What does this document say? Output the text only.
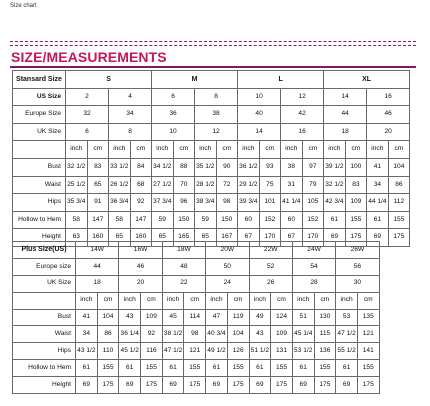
Size chart
SIZE/MEASUREMENTS
Stansard Size	S				M				L				XL			
US Size	2		4		6		8		10		12		14		16	
Europe Size	32		34		36		38		40		42		44		46	
UK Size	6		8		10		12		14		16		18		20	
	inch	cm	inch	cm	inch	cm	inch	cm	inch	cm	inch	cm	inch	cm	inch	cm
Bust	32 1/2	83	33 1/2	84	34 1/2	88	35 1/2	90	36 1/2	93	38	97	39 1/2	100	41	104
Waist	25 1/2	65	26 1/2	68	27 1/2	70	28 1/2	72	29 1/2	75	31	79	32 1/2	83	34	86
Hips	35 3/4	91	36 3/4	92	37 3/4	96	38 3/4	98	39 3/4	101	41 1/4	105	42 3/4	109	44 1/4	112
Hollow to Hem	58	147	58	147	59	150	59	150	60	152	60	152	61	155	61	155
Height	63	160	65	160	65	165	65	167	67	170	67	170	69	175	69	175
Plus Size(US)	14W		16W		18W		20W		22W		24W		26W	
Europe size	44		46		48		50		52		54		56	
UK Size	18		20		22		24		26		28		30	
	inch	cm	inch	cm	inch	cm	inch	cm	inch	cm	inch	cm	inch	cm
Bust	41	104	43	109	45	114	47	119	49	124	51	130	53	135
Waist	34	86	36 1/4	92	38 1/2	98	40 3/4	104	43	109	45 1/4	115	47 1/2	121
Hips	43 1/2	110	45 1/2	116	47 1/2	121	49 1/2	126	51 1/2	131	53 1/2	136	55 1/2	141
Hollow to Hem	61	155	61	155	61	155	61	155	61	155	61	155	61	155
Height	69	175	69	175	69	175	69	175	69	175	69	175	69	175
